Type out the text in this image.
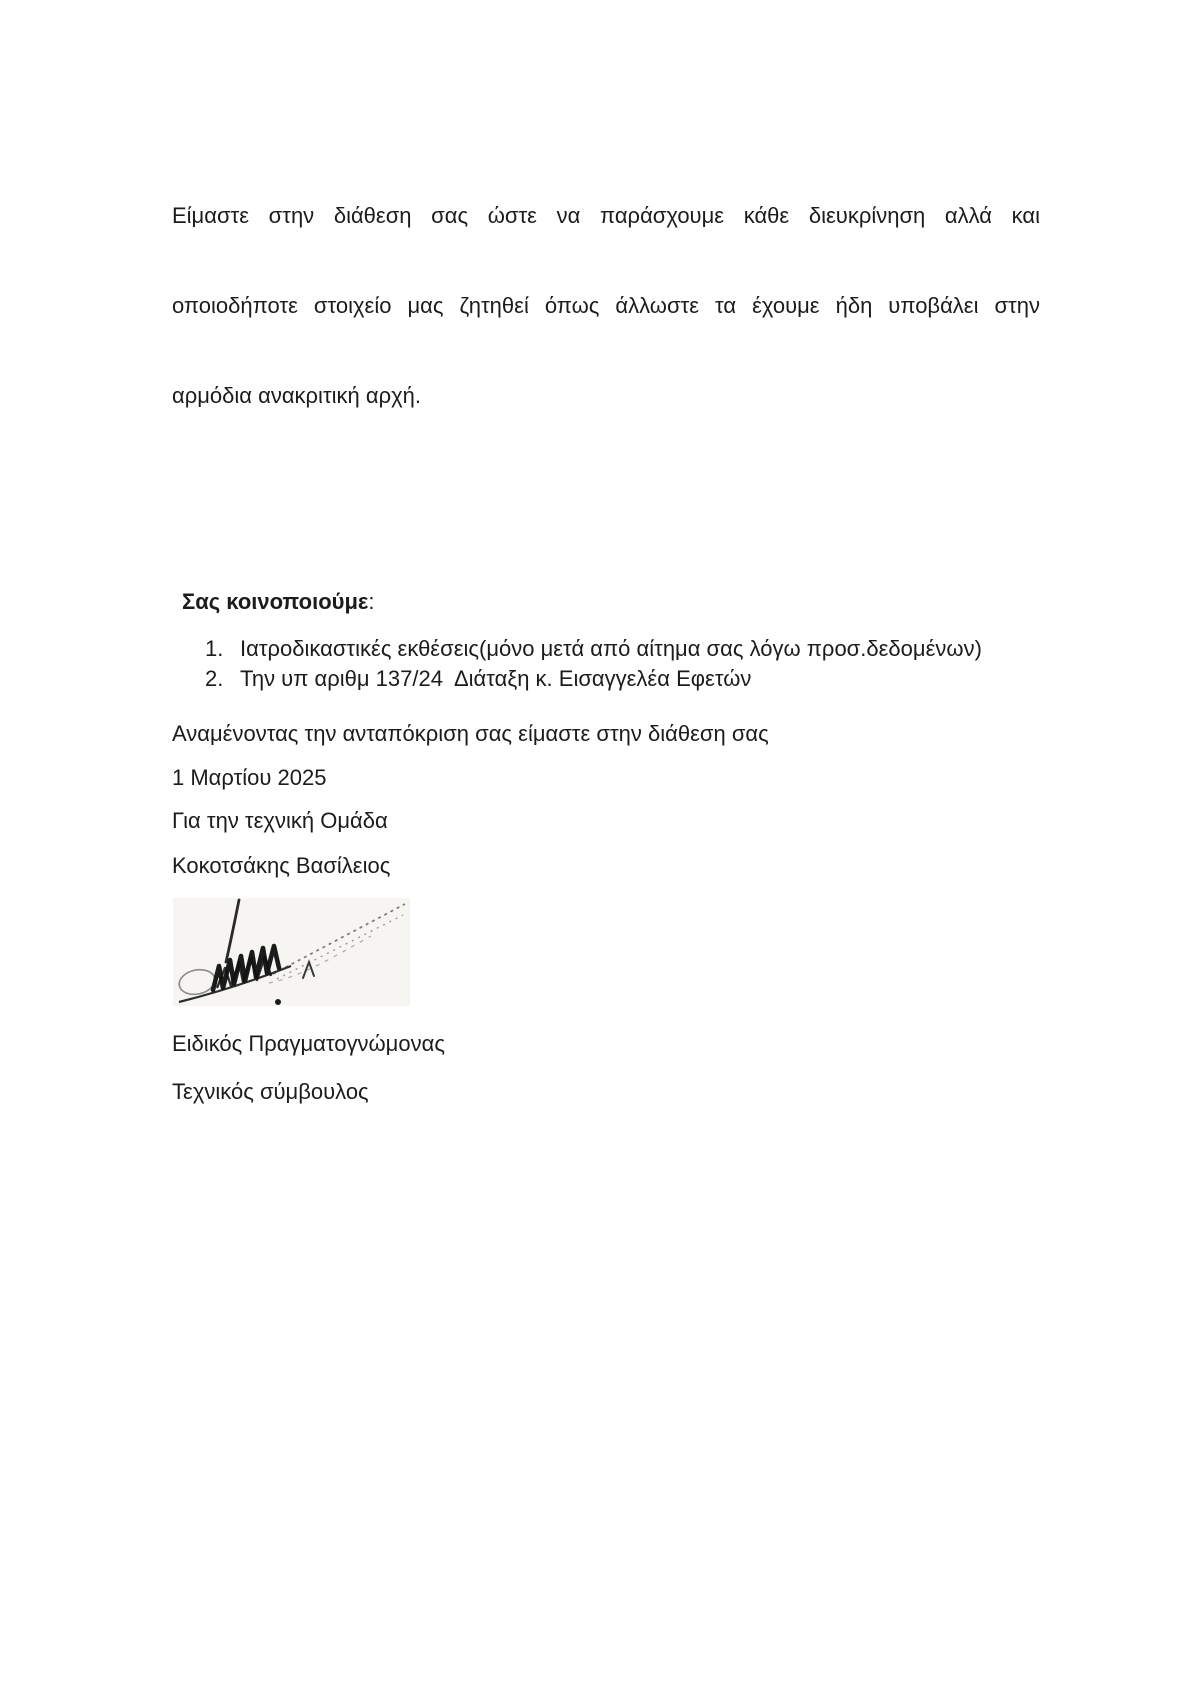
Είμαστε στην διάθεση σας ώστε να παράσχουμε κάθε διευκρίνηση αλλά και

οποιοδήποτε στοιχείο μας ζητηθεί όπως άλλωστε τα έχουμε ήδη υποβάλει στην

αρμόδια ανακριτική αρχή.

Σας κοινοποιούμε:
1. Ιατροδικαστικές εκθέσεις(μόνο μετά από αίτημα σας λόγω προσ.δεδομένων)
2. Την υπ αριθμ 137/24  Διάταξη κ. Εισαγγελέα Εφετών
Αναμένοντας την ανταπόκριση σας είμαστε στην διάθεση σας
1 Μαρτίου 2025
Για την τεχνική Ομάδα
Κοκοτσάκης Βασίλειος
Ειδικός Πραγματογνώμονας
Τεχνικός σύμβουλος
